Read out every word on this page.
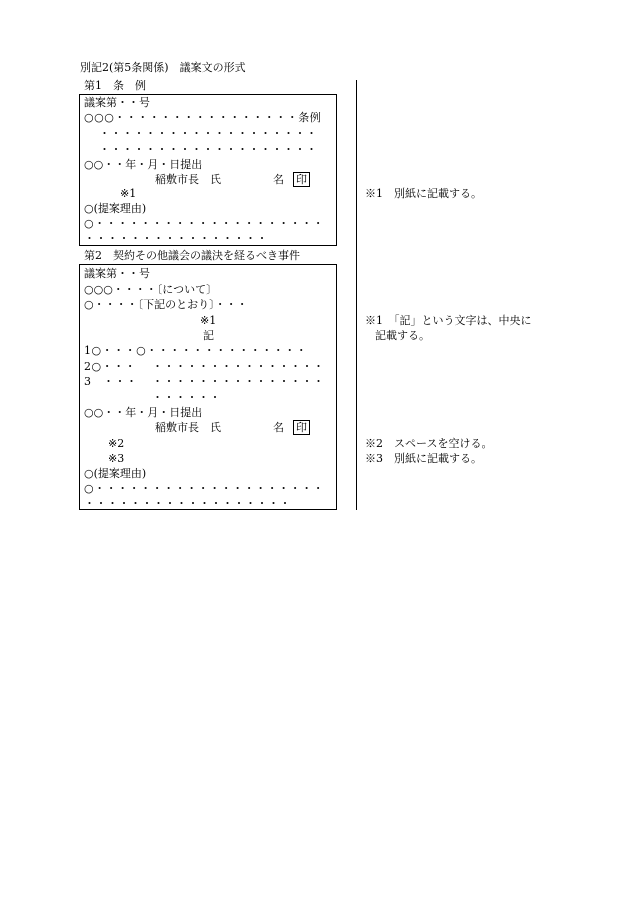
別記2(第5条関係)　議案文の形式
第1　条　例
議案第・・号
○○○・・・・・・・・・・・・・・・・条例
・・・・・・・・・・・・・・・・・・・
・・・・・・・・・・・・・・・・・・・
○○・・年・月・日提出
稲敷市長　氏	名 印
※1
○(提案理由)
○・・・・・・・・・・・・・・・・・・・・
・・・・・・・・・・・・・・・・
※1　別紙に記載する。
第2　契約その他議会の議決を経るべき事件
議案第・・号
○○○・・・・〔について〕
○・・・・〔下記のとおり〕・・・
※1
記
1○・・・○・・・・・・・・・・・・・・
2○・・・ ・・・・・・・・・・・・・・・
3　・・・ ・・・・・・・・・・・・・・・
・・・・・・
○○・・年・月・日提出
稲敷市長　氏	名 印
※2
※3
○(提案理由)
○・・・・・・・・・・・・・・・・・・・・
・・・・・・・・・・・・・・・・・・
※1　「記」という文字は、中央に
記載する。
※2　スペースを空ける。
※3　別紙に記載する。
